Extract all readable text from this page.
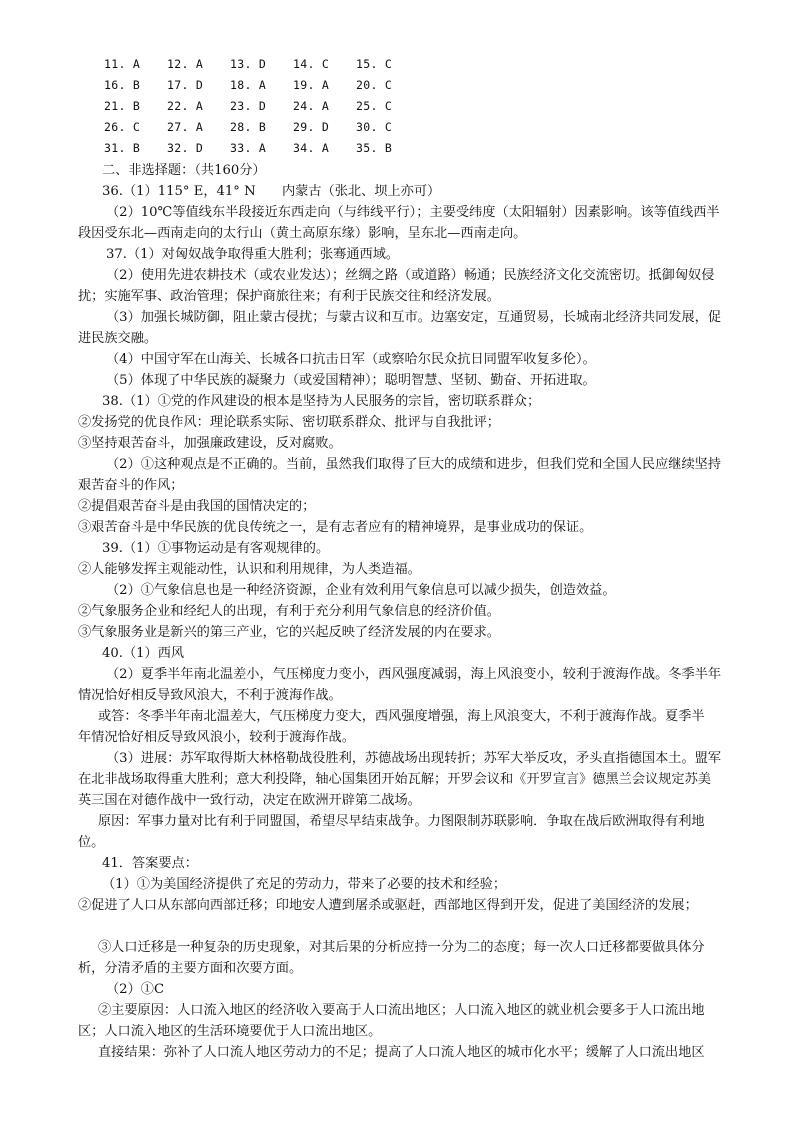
11. A 12. A 13. D 14. C 15. C
16. B 17. D 18. A 19. A 20. C
21. B 22. A 23. D 24. A 25. C
26. C 27. A 28. B 29. D 30. C
31. B 32. D 33. A 34. A 35. B
二、非选择题：（共160分）
36.（1）115° E，41° N　　内蒙古（张北、坝上亦可）
（2）10℃等值线东半段接近东西走向（与纬线平行）；主要受纬度（太阳辐射）因素影响。该等值线西半
段因受东北—西南走向的太行山（黄土高原东缘）影响，呈东北—西南走向。
37.（1）对匈奴战争取得重大胜利；张骞通西域。
（2）使用先进农耕技术（或农业发达）；丝绸之路（或道路）畅通；民族经济文化交流密切。抵御匈奴侵
扰；实施军事、政治管理；保护商旅往来；有利于民族交往和经济发展。
（3）加强长城防御，阻止蒙古侵扰；与蒙古议和互市。边塞安定，互通贸易，长城南北经济共同发展，促
进民族交融。
（4）中国守军在山海关、长城各口抗击日军（或察哈尔民众抗日同盟军收复多伦）。
（5）体现了中华民族的凝聚力（或爱国精神）；聪明智慧、坚韧、勤奋、开拓进取。
38.（1）①党的作风建设的根本是坚持为人民服务的宗旨，密切联系群众；
②发扬党的优良作风：理论联系实际、密切联系群众、批评与自我批评；
③坚持艰苦奋斗，加强廉政建设，反对腐败。
（2）①这种观点是不正确的。当前，虽然我们取得了巨大的成绩和进步，但我们党和全国人民应继续坚持
艰苦奋斗的作风；
②提倡艰苦奋斗是由我国的国情决定的；
③艰苦奋斗是中华民族的优良传统之一，是有志者应有的精神境界，是事业成功的保证。
39.（1）①事物运动是有客观规律的。
②人能够发挥主观能动性，认识和利用规律，为人类造福。
（2）①气象信息也是一种经济资源，企业有效利用气象信息可以减少损失，创造效益。
②气象服务企业和经纪人的出现，有利于充分利用气象信息的经济价值。
③气象服务业是新兴的第三产业，它的兴起反映了经济发展的内在要求。
40.（1）西风
（2）夏季半年南北温差小，气压梯度力变小，西风强度减弱，海上风浪变小，较利于渡海作战。冬季半年
情况恰好相反导致风浪大，不利于渡海作战。
或答：冬季半年南北温差大，气压梯度力变大，西风强度增强，海上风浪变大，不利于渡海作战。夏季半
年情况恰好相反导致风浪小，较利于渡海作战。
（3）进展：苏军取得斯大林格勒战役胜利，苏德战场出现转折；苏军大举反攻，矛头直指德国本土。盟军
在北非战场取得重大胜利；意大利投降，轴心国集团开始瓦解；开罗会议和《开罗宣言》德黑兰会议规定苏美
英三国在对德作战中一致行动，决定在欧洲开辟第二战场。
原因：军事力量对比有利于同盟国，希望尽早结束战争。力图限制苏联影响．争取在战后欧洲取得有利地
位。
41．答案要点：
（1）①为美国经济提供了充足的劳动力，带来了必要的技术和经验；
②促进了人口从东部向西部迁移；印地安人遭到屠杀或驱赶，西部地区得到开发，促进了美国经济的发展；
③人口迁移是一种复杂的历史现象，对其后果的分析应持一分为二的态度；每一次人口迁移都要做具体分
析，分清矛盾的主要方面和次要方面。
（2）①C
②主要原因：人口流入地区的经济收入要高于人口流出地区；人口流入地区的就业机会要多于人口流出地
区；人口流入地区的生活环境要优于人口流出地区。
直接结果：弥补了人口流人地区劳动力的不足；提高了人口流人地区的城市化水平；缓解了人口流出地区
